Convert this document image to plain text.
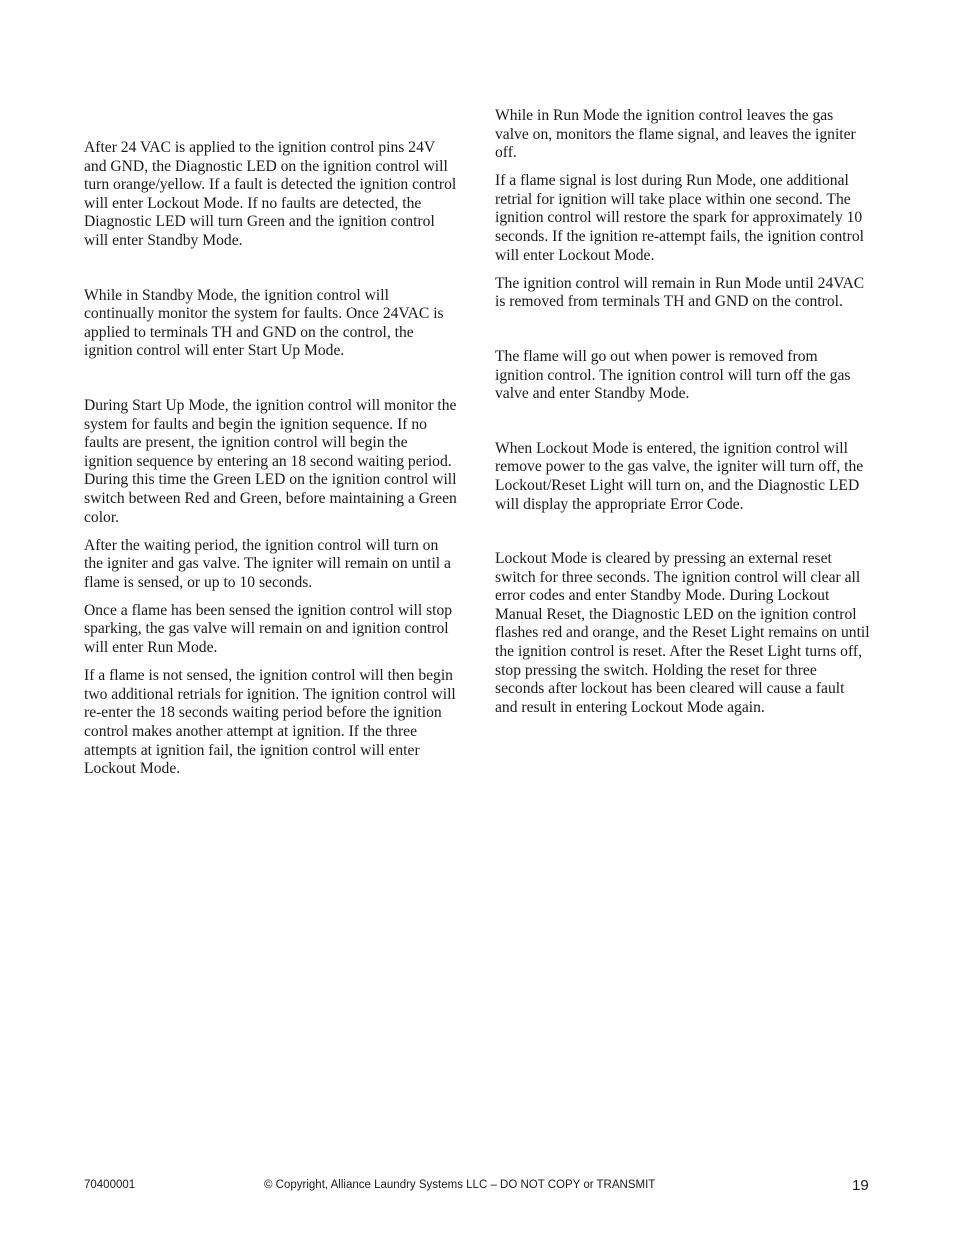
After 24 VAC is applied to the ignition control pins 24V and GND, the Diagnostic LED on the ignition control will turn orange/yellow. If a fault is detected the ignition control will enter Lockout Mode. If no faults are detected, the Diagnostic LED will turn Green and the ignition control will enter Standby Mode.

While in Standby Mode, the ignition control will continually monitor the system for faults. Once 24VAC is applied to terminals TH and GND on the control, the ignition control will enter Start Up Mode.

During Start Up Mode, the ignition control will monitor the system for faults and begin the ignition sequence. If no faults are present, the ignition control will begin the ignition sequence by entering an 18 second waiting period. During this time the Green LED on the ignition control will switch between Red and Green, before maintaining a Green color.

After the waiting period, the ignition control will turn on the igniter and gas valve. The igniter will remain on until a flame is sensed, or up to 10 seconds.

Once a flame has been sensed the ignition control will stop sparking, the gas valve will remain on and ignition control will enter Run Mode.

If a flame is not sensed, the ignition control will then begin two additional retrials for ignition. The ignition control will re-enter the 18 seconds waiting period before the ignition control makes another attempt at ignition. If the three attempts at ignition fail, the ignition control will enter Lockout Mode.

While in Run Mode the ignition control leaves the gas valve on, monitors the flame signal, and leaves the igniter off.

If a flame signal is lost during Run Mode, one additional retrial for ignition will take place within one second. The ignition control will restore the spark for approximately 10 seconds. If the ignition re-attempt fails, the ignition control will enter Lockout Mode.

The ignition control will remain in Run Mode until 24VAC is removed from terminals TH and GND on the control.

The flame will go out when power is removed from ignition control. The ignition control will turn off the gas valve and enter Standby Mode.

When Lockout Mode is entered, the ignition control will remove power to the gas valve, the igniter will turn off, the Lockout/Reset Light will turn on, and the Diagnostic LED will display the appropriate Error Code.

Lockout Mode is cleared by pressing an external reset switch for three seconds. The ignition control will clear all error codes and enter Standby Mode. During Lockout Manual Reset, the Diagnostic LED on the ignition control flashes red and orange, and the Reset Light remains on until the ignition control is reset. After the Reset Light turns off, stop pressing the switch. Holding the reset for three seconds after lockout has been cleared will cause a fault and result in entering Lockout Mode again.

70400001	© Copyright, Alliance Laundry Systems LLC – DO NOT COPY or TRANSMIT	19
